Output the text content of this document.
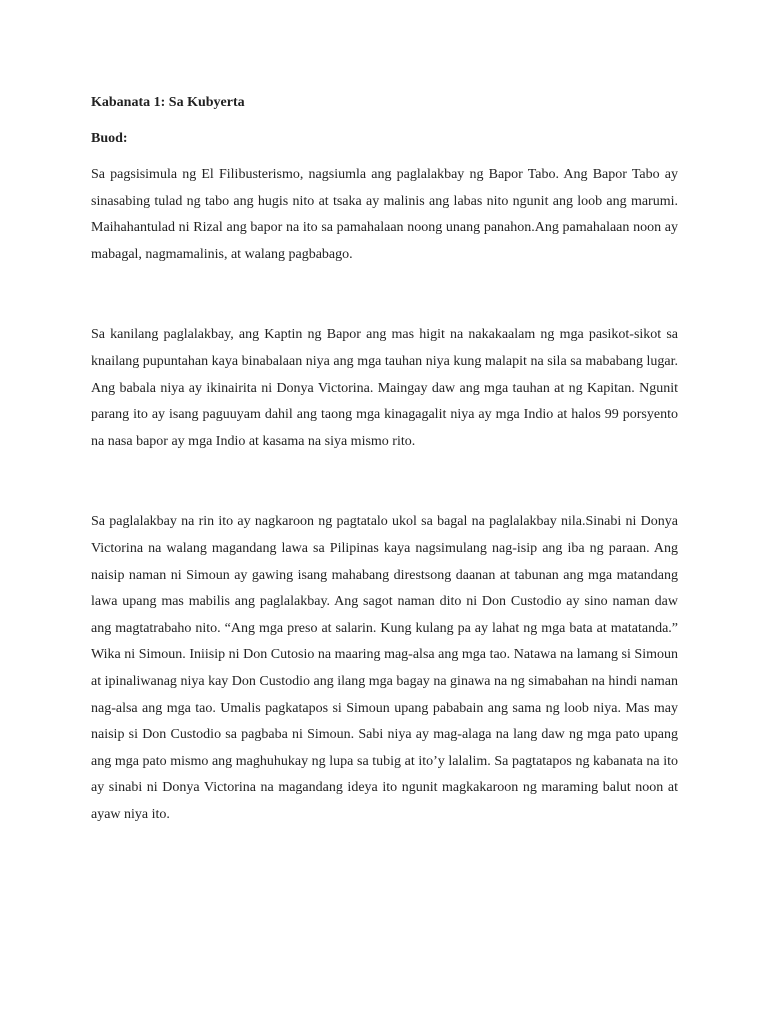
Kabanata 1: Sa Kubyerta
Buod:

Sa pagsisimula ng El Filibusterismo, nagsiumla ang paglalakbay ng Bapor Tabo. Ang Bapor Tabo ay sinasabing tulad ng tabo ang hugis nito at tsaka ay malinis ang labas nito ngunit ang loob ang marumi. Maihahantulad ni Rizal ang bapor na ito sa pamahalaan noong unang panahon.Ang pamahalaan noon ay mabagal, nagmamalinis, at walang pagbabago.

Sa kanilang paglalakbay, ang Kaptin ng Bapor ang mas higit na nakakaalam ng mga pasikot-sikot sa knailang pupuntahan kaya binabalaan niya ang mga tauhan niya kung malapit na sila sa mababang lugar. Ang babala niya ay ikinairita ni Donya Victorina. Maingay daw ang mga tauhan at ng Kapitan. Ngunit parang ito ay isang paguuyam dahil ang taong mga kinagagalit niya ay mga Indio at halos 99 porsyento na nasa bapor ay mga Indio at kasama na siya mismo rito.

Sa paglalakbay na rin ito ay nagkaroon ng pagtatalo ukol sa bagal na paglalakbay nila.Sinabi ni Donya Victorina na walang magandang lawa sa Pilipinas kaya nagsimulang nag-isip ang iba ng paraan. Ang naisip naman ni Simoun ay gawing isang mahabang direstsong daanan at tabunan ang mga matandang lawa upang mas mabilis ang paglalakbay. Ang sagot naman dito ni Don Custodio ay sino naman daw ang magtatrabaho nito. “Ang mga preso at salarin. Kung kulang pa ay lahat ng mga bata at matatanda.” Wika ni Simoun. Iniisip ni Don Cutosio na maaring mag-alsa ang mga tao. Natawa na lamang si Simoun at ipinaliwanag niya kay Don Custodio ang ilang mga bagay na ginawa na ng simabahan na hindi naman nag-alsa ang mga tao. Umalis pagkatapos si Simoun upang pababain ang sama ng loob niya. Mas may naisip si Don Custodio sa pagbaba ni Simoun. Sabi niya ay mag-alaga na lang daw ng mga pato upang ang mga pato mismo ang maghuhukay ng lupa sa tubig at ito’y lalalim. Sa pagtatapos ng kabanata na ito ay sinabi ni Donya Victorina na magandang ideya ito ngunit magkakaroon ng maraming balut noon at ayaw niya ito.
